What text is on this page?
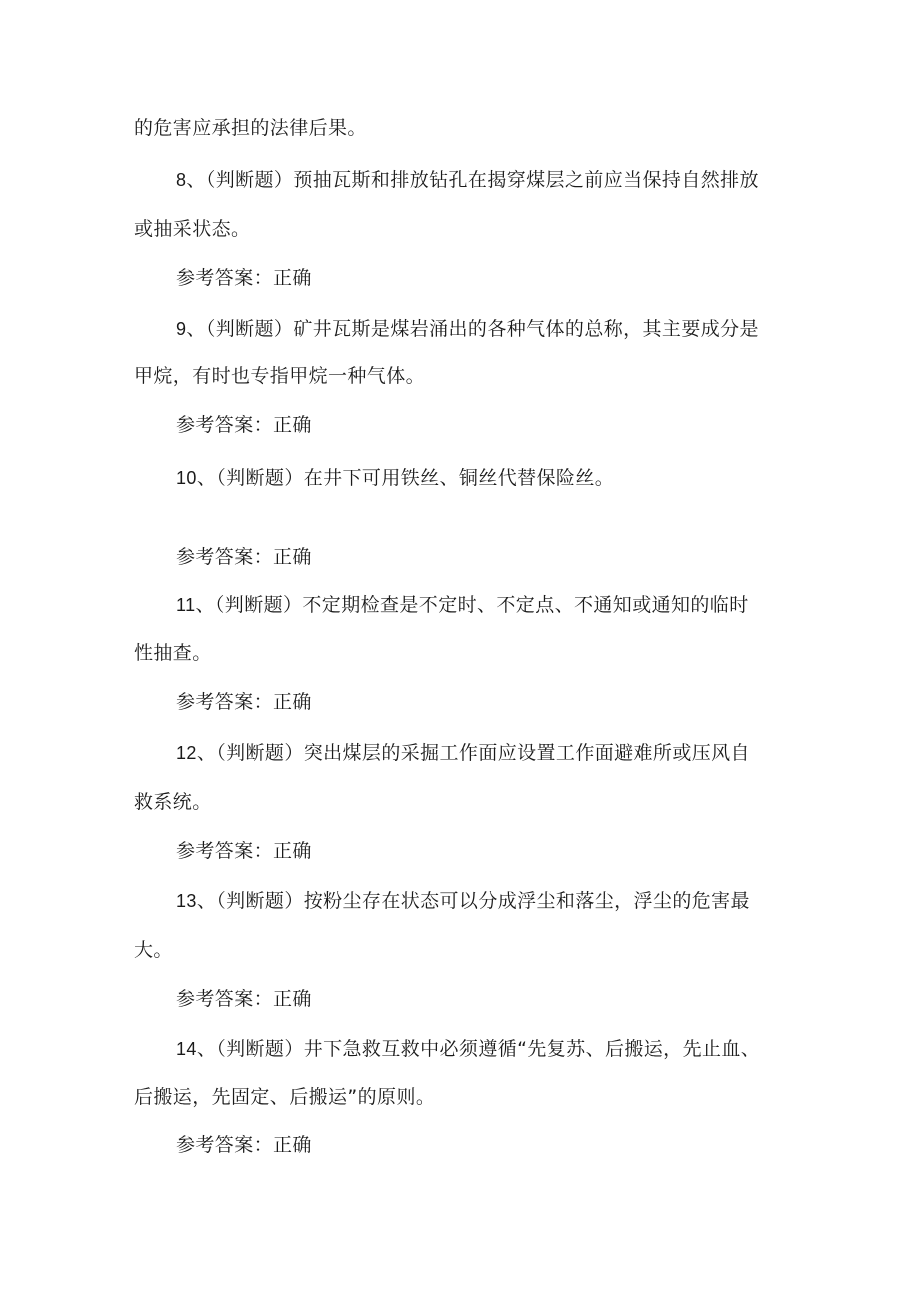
的危害应承担的法律后果。
8、（判断题）预抽瓦斯和排放钻孔在揭穿煤层之前应当保持自然排放
或抽采状态。
参考答案：正确
9、（判断题）矿井瓦斯是煤岩涌出的各种气体的总称，其主要成分是
甲烷，有时也专指甲烷一种气体。
参考答案：正确
10、（判断题）在井下可用铁丝、铜丝代替保险丝。
参考答案：正确
11、（判断题）不定期检查是不定时、不定点、不通知或通知的临时
性抽查。
参考答案：正确
12、（判断题）突出煤层的采掘工作面应设置工作面避难所或压风自
救系统。
参考答案：正确
13、（判断题）按粉尘存在状态可以分成浮尘和落尘，浮尘的危害最
大。
参考答案：正确
14、（判断题）井下急救互救中必须遵循“先复苏、后搬运，先止血、
后搬运，先固定、后搬运”的原则。
参考答案：正确
